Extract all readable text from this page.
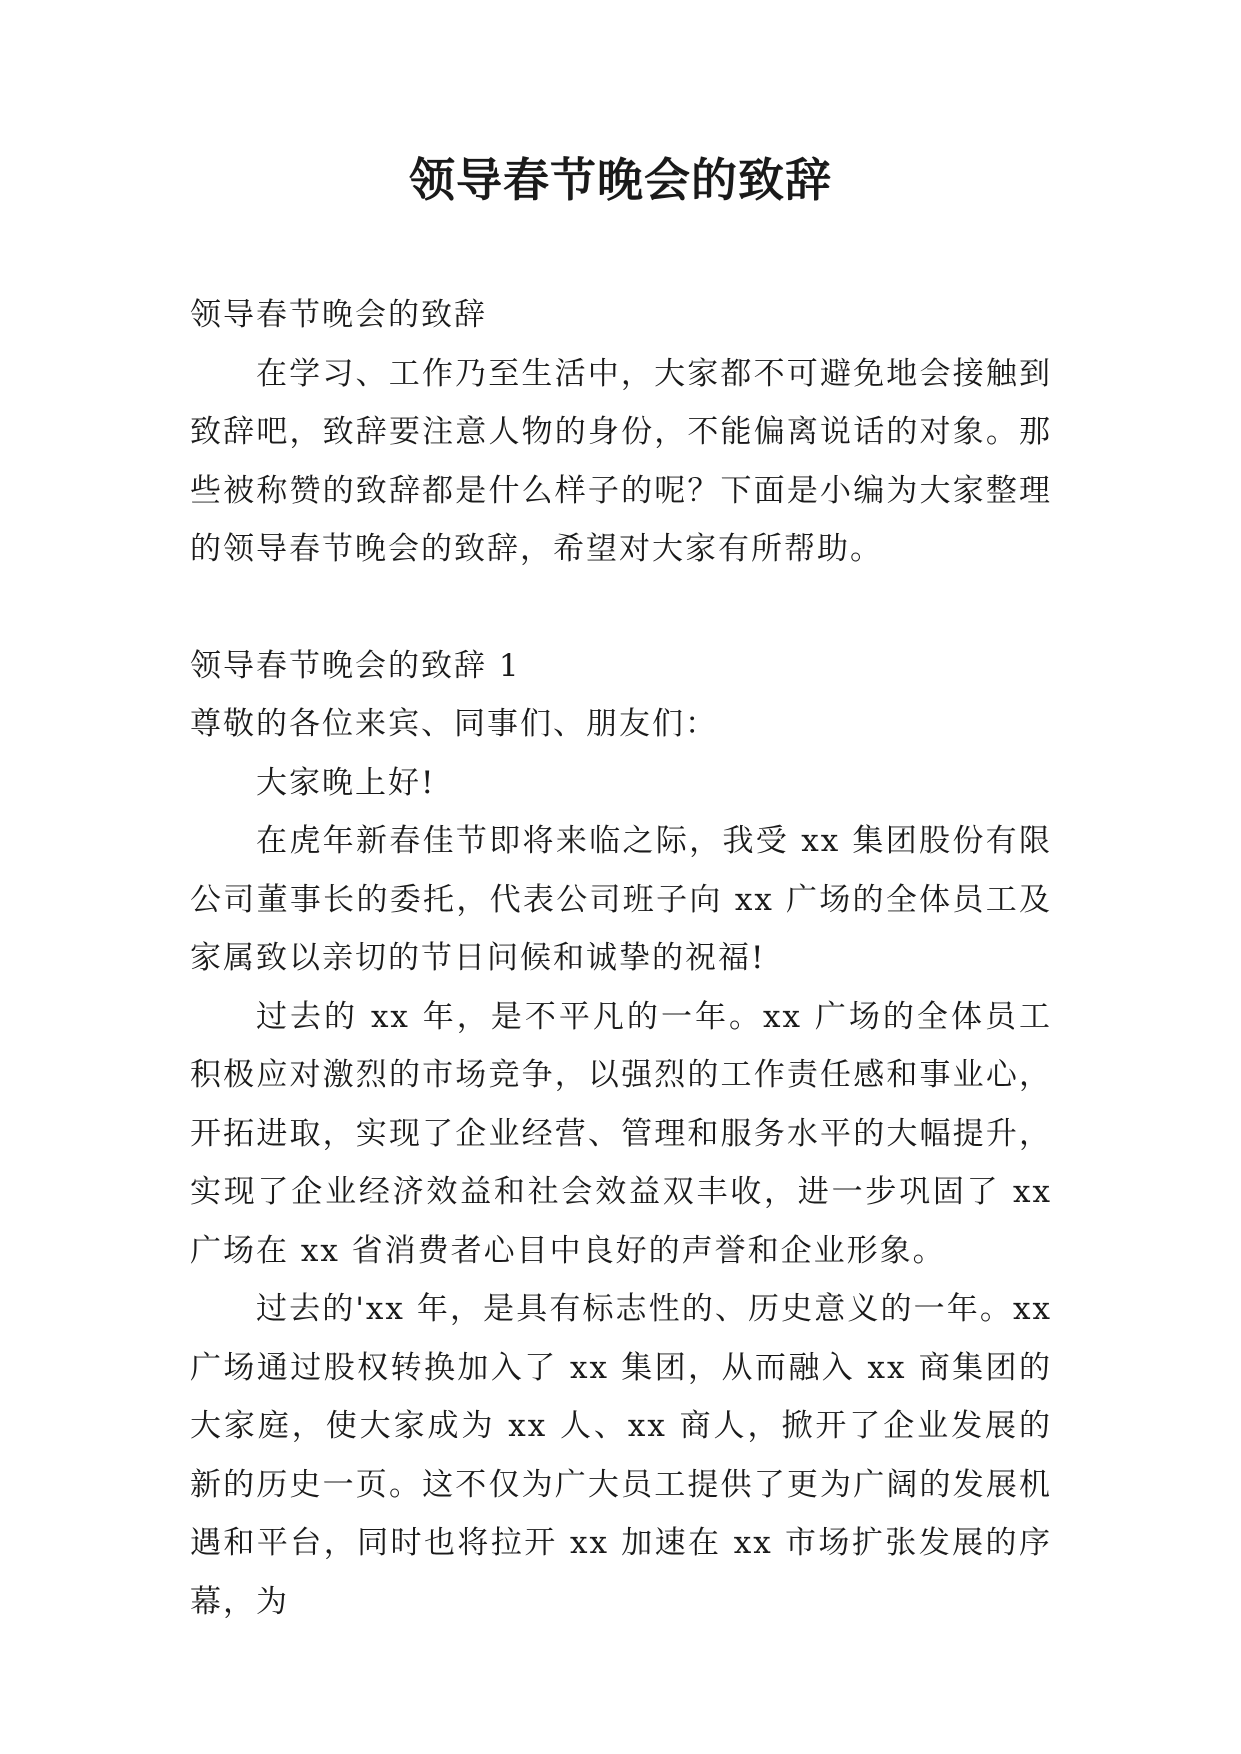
领导春节晚会的致辞

领导春节晚会的致辞

在学习、工作乃至生活中，大家都不可避免地会接触到致辞吧，致辞要注意人物的身份，不能偏离说话的对象。那些被称赞的致辞都是什么样子的呢？下面是小编为大家整理的领导春节晚会的致辞，希望对大家有所帮助。

领导春节晚会的致辞 1

尊敬的各位来宾、同事们、朋友们：

大家晚上好!

在虎年新春佳节即将来临之际，我受 xx 集团股份有限公司董事长的委托，代表公司班子向 xx 广场的全体员工及家属致以亲切的节日问候和诚挚的祝福!

过去的 xx 年，是不平凡的一年。xx 广场的全体员工积极应对激烈的市场竞争，以强烈的工作责任感和事业心，开拓进取，实现了企业经营、管理和服务水平的大幅提升，实现了企业经济效益和社会效益双丰收，进一步巩固了 xx 广场在 xx 省消费者心目中良好的声誉和企业形象。

过去的'xx 年，是具有标志性的、历史意义的一年。xx 广场通过股权转换加入了 xx 集团，从而融入 xx 商集团的大家庭，使大家成为 xx 人、xx 商人，掀开了企业发展的新的历史一页。这不仅为广大员工提供了更为广阔的发展机遇和平台，同时也将拉开 xx 加速在 xx 市场扩张发展的序幕，为
